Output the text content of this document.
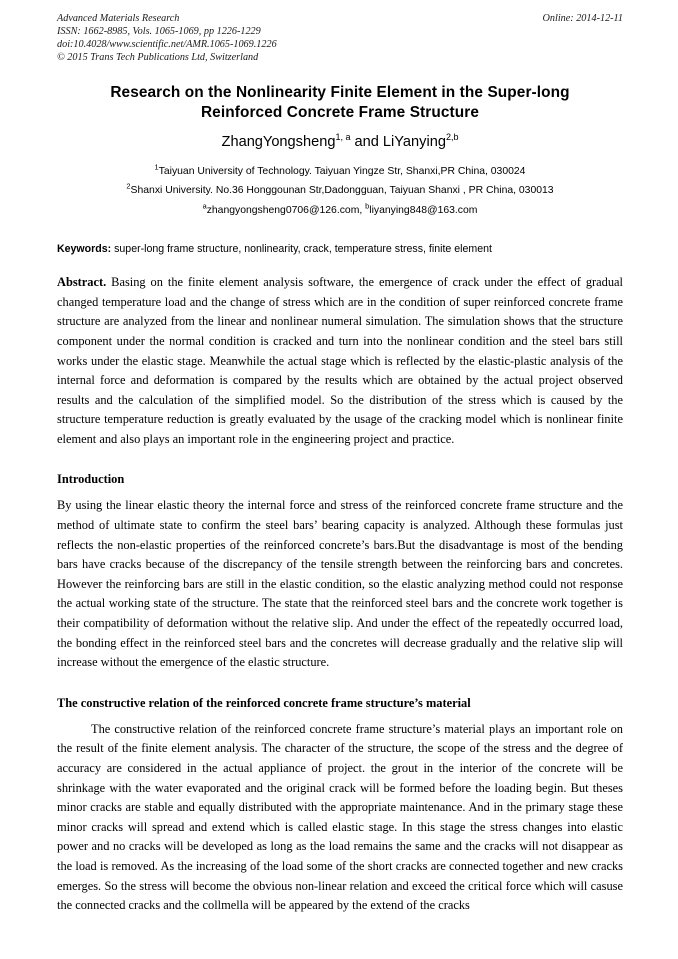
Advanced Materials Research	Online: 2014-12-11
ISSN: 1662-8985, Vols. 1065-1069, pp 1226-1229
doi:10.4028/www.scientific.net/AMR.1065-1069.1226
© 2015 Trans Tech Publications Ltd, Switzerland
Research on the Nonlinearity Finite Element in the Super-long
Reinforced Concrete Frame Structure
ZhangYongsheng$^{1, a}$ and LiYanying$^{2,b}$
$^1$Taiyuan University of Technology. Taiyuan Yingze Str, Shanxi,PR China, 030024
$^2$Shanxi University. No.36 Honggounan Str,Dadongguan, Taiyuan Shanxi , PR China, 030013
$^a$zhangyongsheng0706@126.com, $^b$liyanying848@163.com
Keywords: super-long frame structure, nonlinearity, crack, temperature stress, finite element
Abstract. Basing on the finite element analysis software, the emergence of crack under the effect of gradual changed temperature load and the change of stress which are in the condition of super reinforced concrete frame structure are analyzed from the linear and nonlinear numeral simulation. The simulation shows that the structure component under the normal condition is cracked and turn into the nonlinear condition and the steel bars still works under the elastic stage. Meanwhile the actual stage which is reflected by the elastic-plastic analysis of the internal force and deformation is compared by the results which are obtained by the actual project observed results and the calculation of the simplified model. So the distribution of the stress which is caused by the structure temperature reduction is greatly evaluated by the usage of the cracking model which is nonlinear finite element and also plays an important role in the engineering project and practice.
Introduction
By using the linear elastic theory the internal force and stress of the reinforced concrete frame structure and the method of ultimate state to confirm the steel bars’ bearing capacity is analyzed. Although these formulas just reflects the non-elastic properties of the reinforced concrete’s bars.But the disadvantage is most of the bending bars have cracks because of the discrepancy of the tensile strength between the reinforcing bars and concretes. However the reinforcing bars are still in the elastic condition, so the elastic analyzing method could not response the actual working state of the structure. The state that the reinforced steel bars and the concrete work together is their compatibility of deformation without the relative slip. And under the effect of the repeatedly occurred load, the bonding effect in the reinforced steel bars and the concretes will decrease gradually and the relative slip will increase without the emergence of the elastic structure.
The constructive relation of the reinforced concrete frame structure’s material
The constructive relation of the reinforced concrete frame structure’s material plays an important role on the result of the finite element analysis. The character of the structure, the scope of the stress and the degree of accuracy are considered in the actual appliance of project. the grout in the interior of the concrete will be shrinkage with the water evaporated and the original crack will be formed before the loading begin. But theses minor cracks are stable and equally distributed with the appropriate maintenance. And in the primary stage these minor cracks will spread and extend which is called elastic stage. In this stage the stress changes into elastic power and no cracks will be developed as long as the load remains the same and the cracks will not disappear as the load is removed. As the increasing of the load some of the short cracks are connected together and new cracks emerges. So the stress will become the obvious non-linear relation and exceed the critical force which will casuse the connected cracks and the collmella will be appeared by the extend of the cracks
